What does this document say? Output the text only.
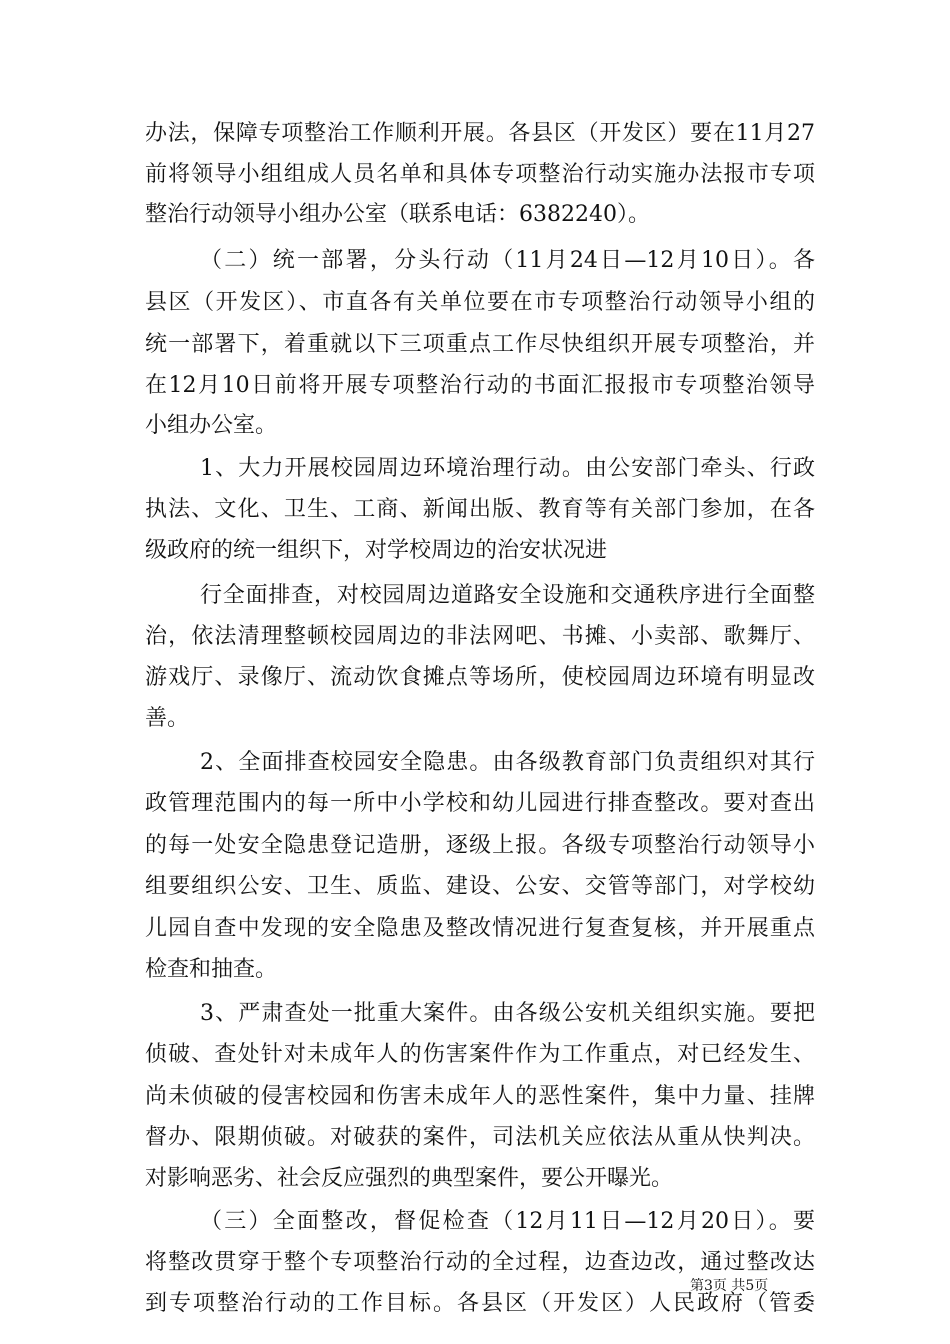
办法，保障专项整治工作顺利开展。各县区（开发区）要在11月27
前将领导小组组成人员名单和具体专项整治行动实施办法报市专项
整治行动领导小组办公室（联系电话：6382240）。
（二）统一部署，分头行动（11月24日—12月10日）。各
县区（开发区）、市直各有关单位要在市专项整治行动领导小组的
统一部署下，着重就以下三项重点工作尽快组织开展专项整治，并
在12月10日前将开展专项整治行动的书面汇报报市专项整治领导
小组办公室。
1、大力开展校园周边环境治理行动。由公安部门牵头、行政
执法、文化、卫生、工商、新闻出版、教育等有关部门参加，在各
级政府的统一组织下，对学校周边的治安状况进
行全面排查，对校园周边道路安全设施和交通秩序进行全面整
治，依法清理整顿校园周边的非法网吧、书摊、小卖部、歌舞厅、
游戏厅、录像厅、流动饮食摊点等场所，使校园周边环境有明显改
善。
2、全面排查校园安全隐患。由各级教育部门负责组织对其行
政管理范围内的每一所中小学校和幼儿园进行排查整改。要对查出
的每一处安全隐患登记造册，逐级上报。各级专项整治行动领导小
组要组织公安、卫生、质监、建设、公安、交管等部门，对学校幼
儿园自查中发现的安全隐患及整改情况进行复查复核，并开展重点
检查和抽查。
3、严肃查处一批重大案件。由各级公安机关组织实施。要把
侦破、查处针对未成年人的伤害案件作为工作重点，对已经发生、
尚未侦破的侵害校园和伤害未成年人的恶性案件，集中力量、挂牌
督办、限期侦破。对破获的案件，司法机关应依法从重从快判决。
对影响恶劣、社会反应强烈的典型案件，要公开曝光。
（三）全面整改，督促检查（12月11日—12月20日）。要
将整改贯穿于整个专项整治行动的全过程，边查边改，通过整改达
到专项整治行动的工作目标。各县区（开发区）人民政府（管委
第3页 共5页
